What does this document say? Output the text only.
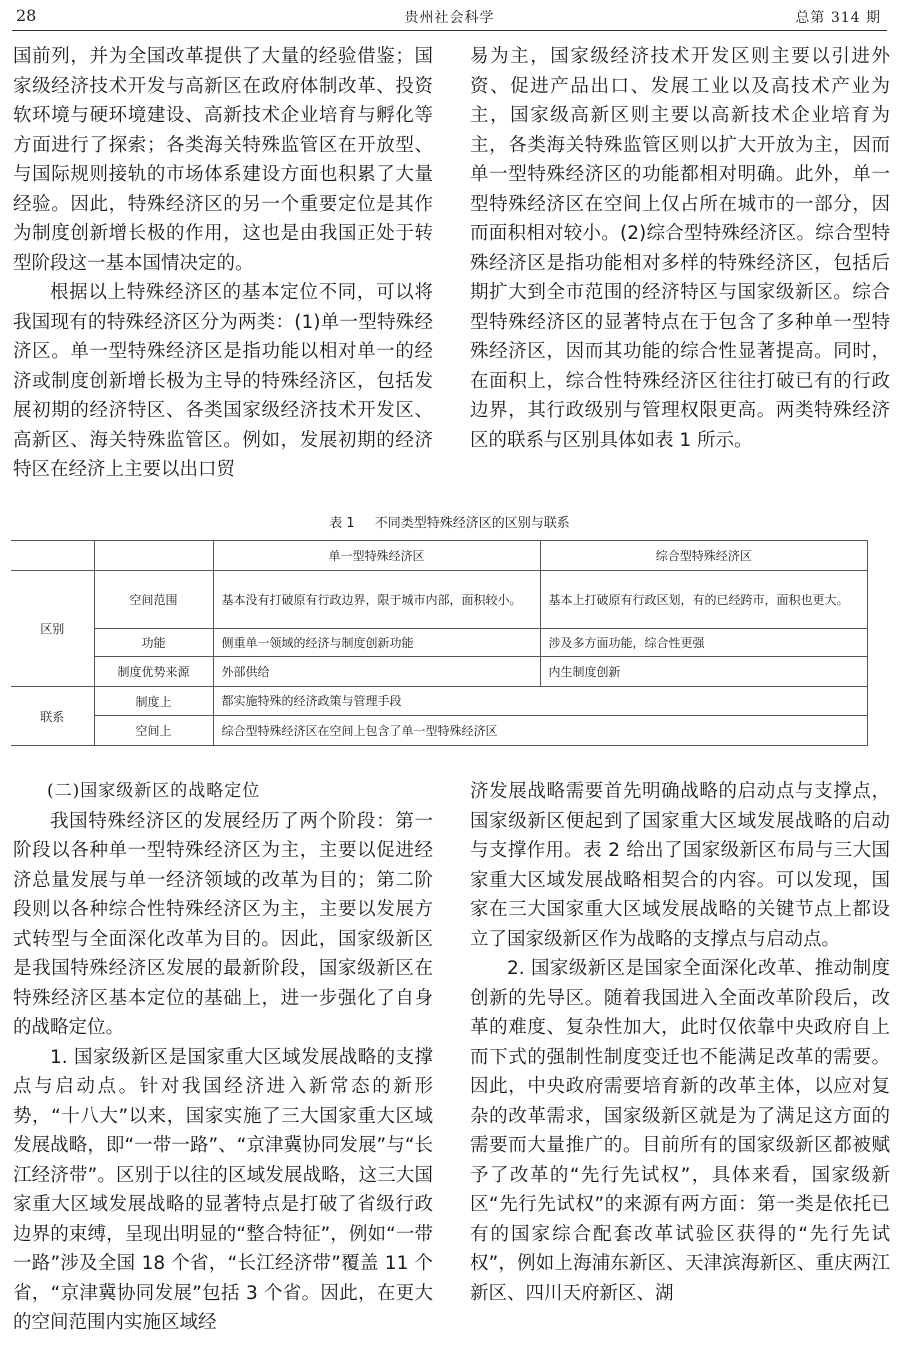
28	贵州社会科学	总第 314 期

国前列，并为全国改革提供了大量的经验借鉴；国家级经济技术开发与高新区在政府体制改革、投资软环境与硬环境建设、高新技术企业培育与孵化等方面进行了探索；各类海关特殊监管区在开放型、与国际规则接轨的市场体系建设方面也积累了大量经验。因此，特殊经济区的另一个重要定位是其作为制度创新增长极的作用，这也是由我国正处于转型阶段这一基本国情决定的。

根据以上特殊经济区的基本定位不同，可以将我国现有的特殊经济区分为两类：(1)单一型特殊经济区。单一型特殊经济区是指功能以相对单一的经济或制度创新增长极为主导的特殊经济区，包括发展初期的经济特区、各类国家级经济技术开发区、高新区、海关特殊监管区。例如，发展初期的经济特区在经济上主要以出口贸

易为主，国家级经济技术开发区则主要以引进外资、促进产品出口、发展工业以及高技术产业为主，国家级高新区则主要以高新技术企业培育为主，各类海关特殊监管区则以扩大开放为主，因而单一型特殊经济区的功能都相对明确。此外，单一型特殊经济区在空间上仅占所在城市的一部分，因而面积相对较小。(2)综合型特殊经济区。综合型特殊经济区是指功能相对多样的特殊经济区，包括后期扩大到全市范围的经济特区与国家级新区。综合型特殊经济区的显著特点在于包含了多种单一型特殊经济区，因而其功能的综合性显著提高。同时，在面积上，综合性特殊经济区往往打破已有的行政边界，其行政级别与管理权限更高。两类特殊经济区的联系与区别具体如表 1 所示。

表 1 不同类型特殊经济区的区别与联系
		单一型特殊经济区	综合型特殊经济区
区别	空间范围	基本没有打破原有行政边界，限于城市内部，面积较小。	基本上打破原有行政区划，有的已经跨市，面积也更大。
	功能	侧重单一领域的经济与制度创新功能	涉及多方面功能，综合性更强
	制度优势来源	外部供给	内生制度创新
联系	制度上	都实施特殊的经济政策与管理手段	
	空间上	综合型特殊经济区在空间上包含了单一型特殊经济区	

(二)国家级新区的战略定位

我国特殊经济区的发展经历了两个阶段：第一阶段以各种单一型特殊经济区为主，主要以促进经济总量发展与单一经济领域的改革为目的；第二阶段则以各种综合性特殊经济区为主，主要以发展方式转型与全面深化改革为目的。因此，国家级新区是我国特殊经济区发展的最新阶段，国家级新区在特殊经济区基本定位的基础上，进一步强化了自身的战略定位。

1. 国家级新区是国家重大区域发展战略的支撑点与启动点。针对我国经济进入新常态的新形势，“十八大”以来，国家实施了三大国家重大区域发展战略，即“一带一路”、“京津冀协同发展”与“长江经济带”。区别于以往的区域发展战略，这三大国家重大区域发展战略的显著特点是打破了省级行政边界的束缚，呈现出明显的“整合特征”，例如“一带一路”涉及全国 18 个省，“长江经济带”覆盖 11 个省，“京津冀协同发展”包括 3 个省。因此，在更大的空间范围内实施区域经

济发展战略需要首先明确战略的启动点与支撑点，国家级新区便起到了国家重大区域发展战略的启动与支撑作用。表 2 给出了国家级新区布局与三大国家重大区域发展战略相契合的内容。可以发现，国家在三大国家重大区域发展战略的关键节点上都设立了国家级新区作为战略的支撑点与启动点。

2. 国家级新区是国家全面深化改革、推动制度创新的先导区。随着我国进入全面改革阶段后，改革的难度、复杂性加大，此时仅依靠中央政府自上而下式的强制性制度变迁也不能满足改革的需要。因此，中央政府需要培育新的改革主体，以应对复杂的改革需求，国家级新区就是为了满足这方面的需要而大量推广的。目前所有的国家级新区都被赋予了改革的“先行先试权”，具体来看，国家级新区“先行先试权”的来源有两方面：第一类是依托已有的国家综合配套改革试验区获得的“先行先试权”，例如上海浦东新区、天津滨海新区、重庆两江新区、四川天府新区、湖
